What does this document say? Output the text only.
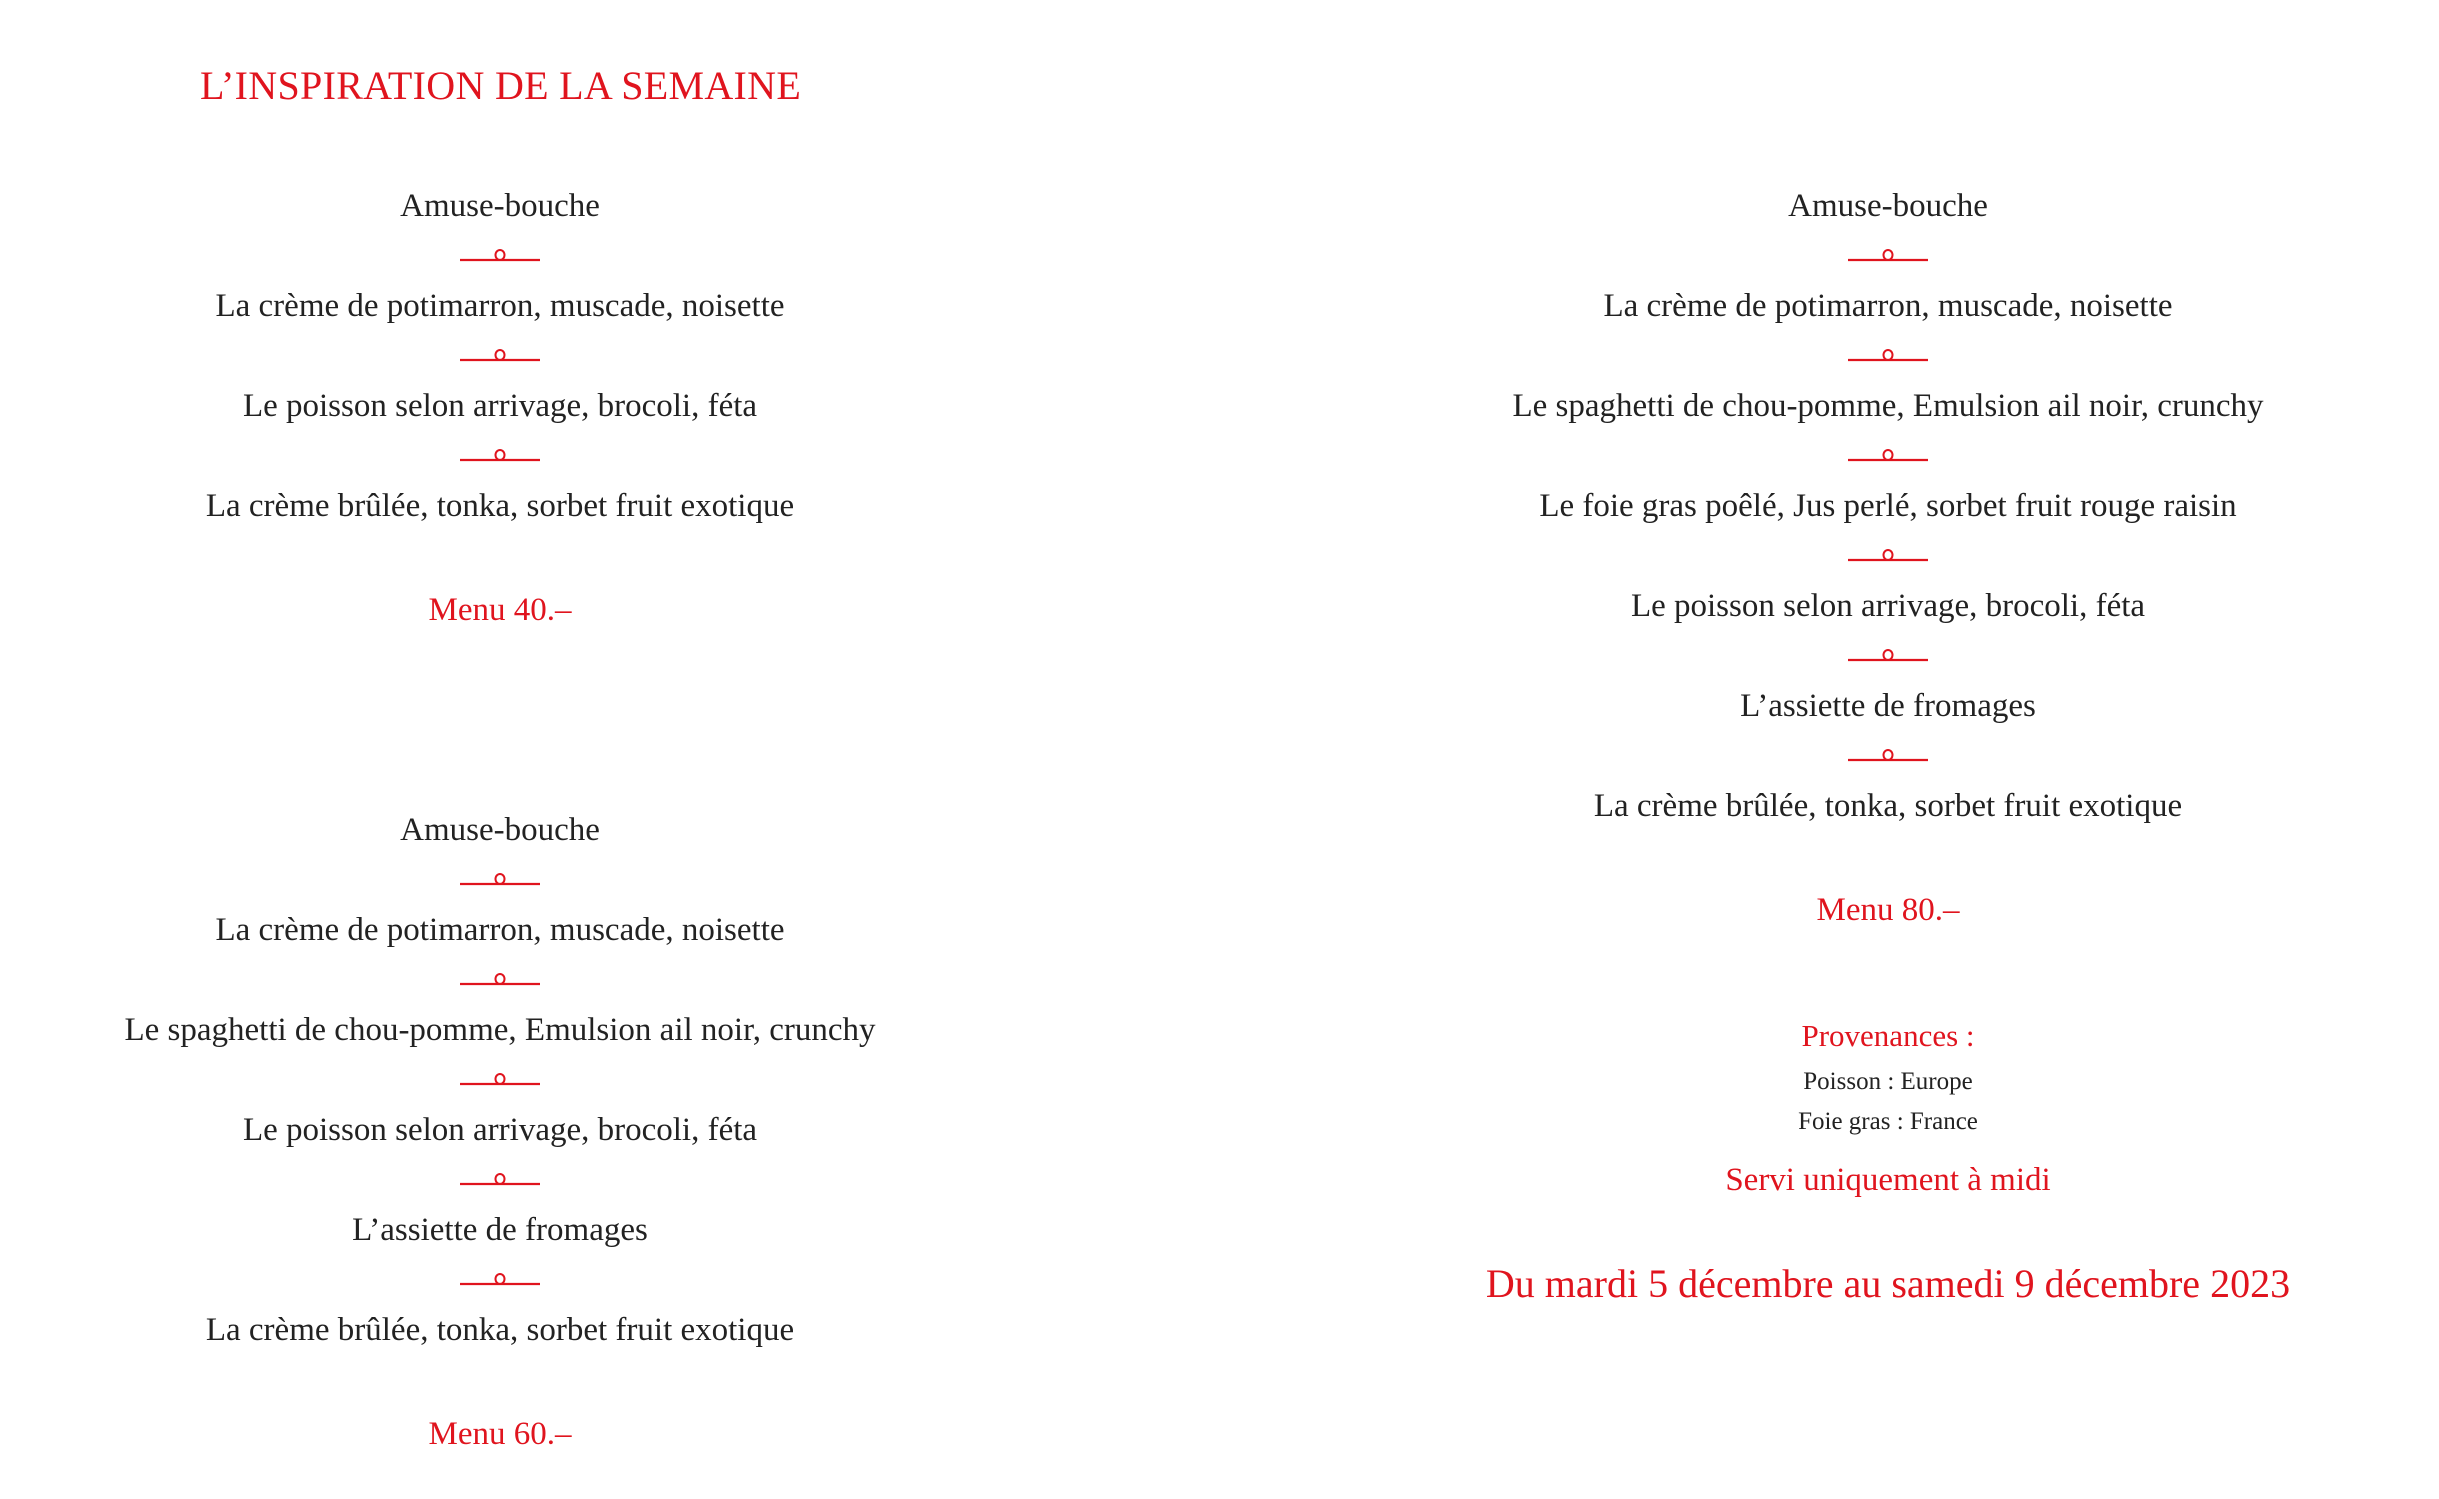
L’INSPIRATION DE LA SEMAINE
Amuse-bouche
La crème de potimarron, muscade, noisette
Le poisson selon arrivage, brocoli, féta
La crème brûlée, tonka, sorbet fruit exotique
Menu 40.–
Amuse-bouche
La crème de potimarron, muscade, noisette
Le spaghetti de chou-pomme, Emulsion ail noir, crunchy
Le poisson selon arrivage, brocoli, féta
L’assiette de fromages
La crème brûlée, tonka, sorbet fruit exotique
Menu 60.–
Amuse-bouche
La crème de potimarron, muscade, noisette
Le spaghetti de chou-pomme, Emulsion ail noir, crunchy
Le foie gras poêlé, Jus perlé, sorbet fruit rouge raisin
Le poisson selon arrivage, brocoli, féta
L’assiette de fromages
La crème brûlée, tonka, sorbet fruit exotique
Menu 80.–
Provenances :
Poisson : Europe
Foie gras : France
Servi uniquement à midi
Du mardi 5 décembre au samedi 9 décembre 2023
